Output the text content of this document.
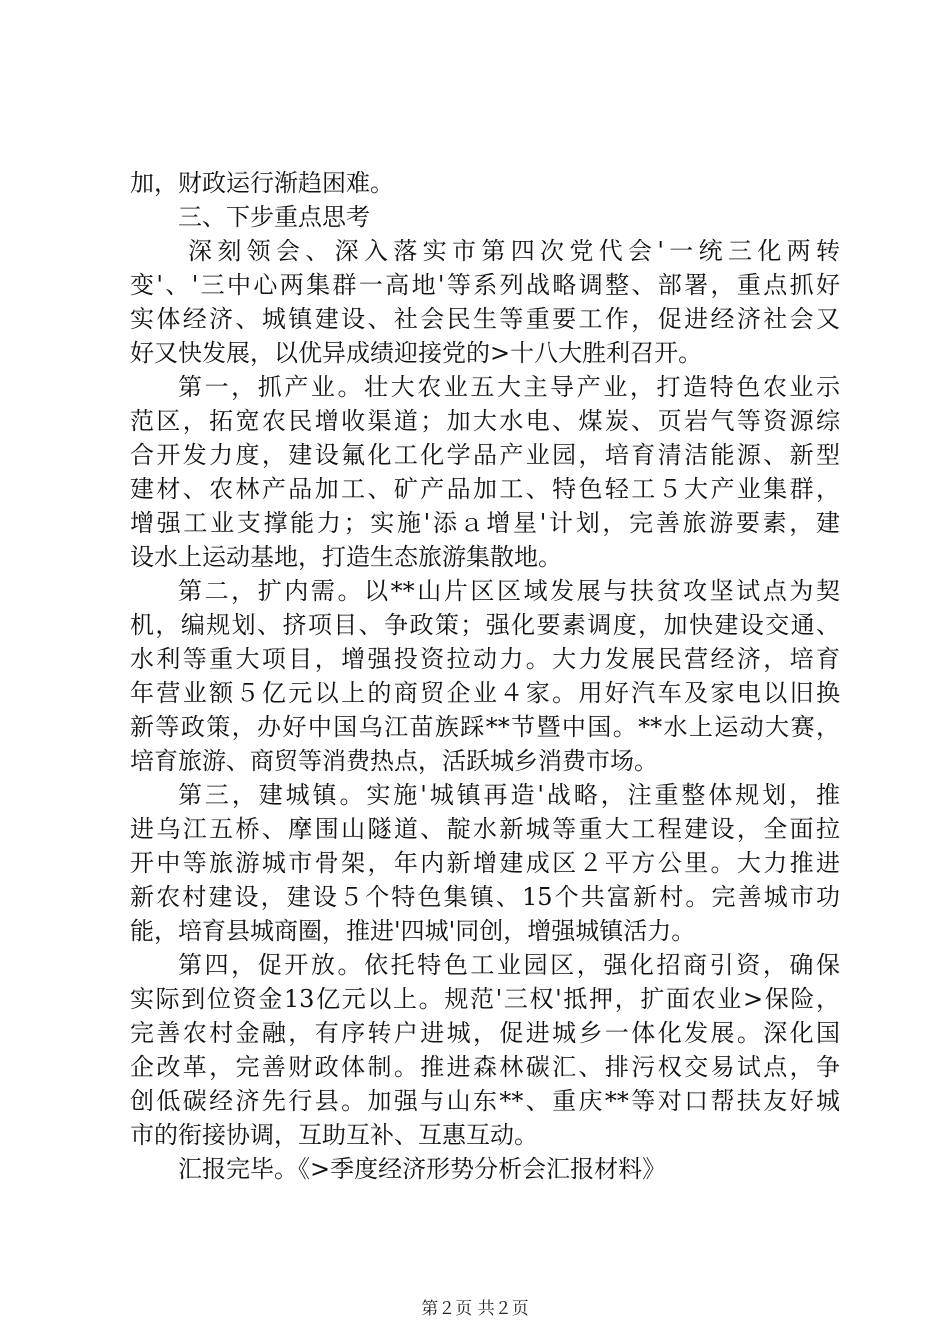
加，财政运行渐趋困难。
三、下步重点思考
深刻领会、深入落实市第四次党代会'一统三化两转
变'、'三中心两集群一高地'等系列战略调整、部署，重点抓好
实体经济、城镇建设、社会民生等重要工作，促进经济社会又
好又快发展，以优异成绩迎接党的>十八大胜利召开。
第一，抓产业。壮大农业五大主导产业，打造特色农业示
范区，拓宽农民增收渠道；加大水电、煤炭、页岩气等资源综
合开发力度，建设氟化工化学品产业园，培育清洁能源、新型
建材、农林产品加工、矿产品加工、特色轻工５大产业集群，
增强工业支撑能力；实施'添ａ增星'计划，完善旅游要素，建
设水上运动基地，打造生态旅游集散地。
第二，扩内需。以**山片区区域发展与扶贫攻坚试点为契
机，编规划、挤项目、争政策；强化要素调度，加快建设交通、
水利等重大项目，增强投资拉动力。大力发展民营经济，培育
年营业额５亿元以上的商贸企业４家。用好汽车及家电以旧换
新等政策，办好中国乌江苗族踩**节暨中国。**水上运动大赛，
培育旅游、商贸等消费热点，活跃城乡消费市场。
第三，建城镇。实施'城镇再造'战略，注重整体规划，推
进乌江五桥、摩围山隧道、靛水新城等重大工程建设，全面拉
开中等旅游城市骨架，年内新增建成区２平方公里。大力推进
新农村建设，建设５个特色集镇、15个共富新村。完善城市功
能，培育县城商圈，推进'四城'同创，增强城镇活力。
第四，促开放。依托特色工业园区，强化招商引资，确保
实际到位资金13亿元以上。规范'三权'抵押，扩面农业>保险，
完善农村金融，有序转户进城，促进城乡一体化发展。深化国
企改革，完善财政体制。推进森林碳汇、排污权交易试点，争
创低碳经济先行县。加强与山东**、重庆**等对口帮扶友好城
市的衔接协调，互助互补、互惠互动。
汇报完毕。《>季度经济形势分析会汇报材料》
第２页 共２页
